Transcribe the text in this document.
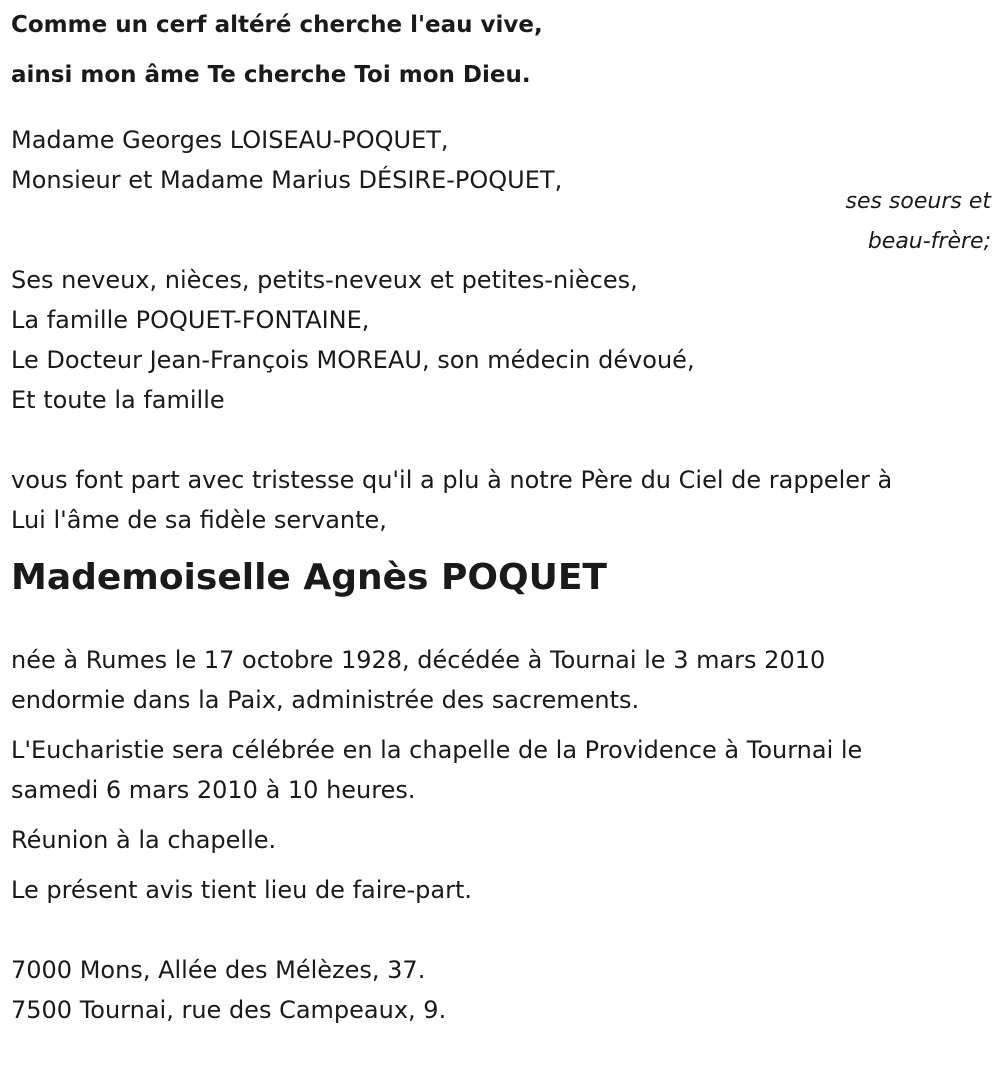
Comme un cerf altéré cherche l'eau vive,
ainsi mon âme Te cherche Toi mon Dieu.
Madame Georges LOISEAU-POQUET,
Monsieur et Madame Marius DÉSIRE-POQUET,
ses soeurs et
beau-frère;
Ses neveux, nièces, petits-neveux et petites-nièces,
La famille POQUET-FONTAINE,
Le Docteur Jean-François MOREAU, son médecin dévoué,
Et toute la famille
vous font part avec tristesse qu'il a plu à notre Père du Ciel de rappeler à
Lui l'âme de sa fidèle servante,
Mademoiselle Agnès POQUET
née à Rumes le 17 octobre 1928, décédée à Tournai le 3 mars 2010
endormie dans la Paix, administrée des sacrements.
L'Eucharistie sera célébrée en la chapelle de la Providence à Tournai le
samedi 6 mars 2010 à 10 heures.
Réunion à la chapelle.
Le présent avis tient lieu de faire-part.
7000 Mons, Allée des Mélèzes, 37.
7500 Tournai, rue des Campeaux, 9.
